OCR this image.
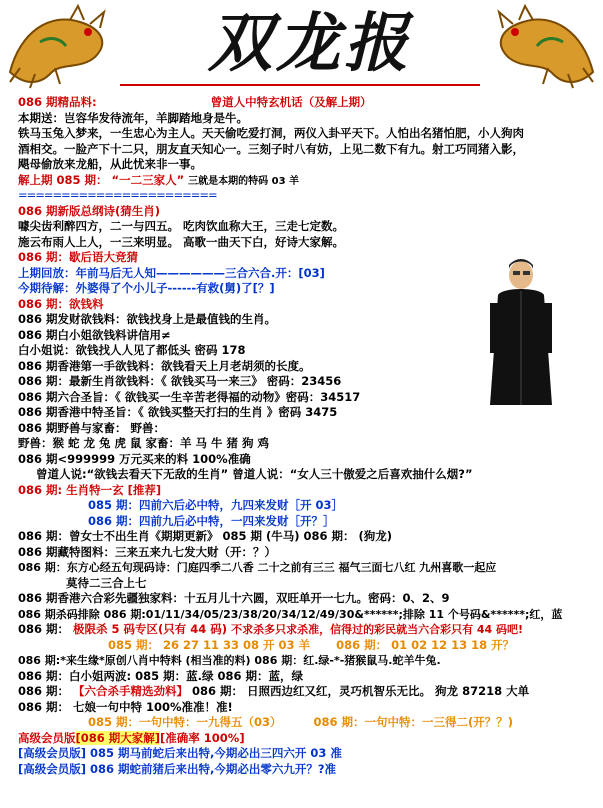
双龙报
086 期精品料:	曾道人中特玄机话（及解上期）
本期送：岂容华发待流年，羊脚踏地身是牛。
铁马玉兔入梦来，一生忠心为主人。天天偷吃爱打洞，两仪入卦平天下。人怕出名猪怕肥，小人狗肉
酒相交。一脸产下十二只，朋友直天知心一。三刻子时八有妨，上见二数下有九。射工巧同猪入影，
飓母偷放来龙船，从此忧来非一事。
解上期 085 期： “一二三家人” 三就是本期的特码 03 羊
=======================
086 期新版总纲诗(猜生肖)
噱尖齿利醉四方，二一与四五。 吃肉饮血称大王，三走七定数。
施云布雨人上人，一三来明显。 高歌一曲天下白，好诗大家解。
086 期：歇后语大竞猜
上期回放：年前马后无人知——————三合六合.开：[03]
今期待解：外婆得了个小儿子------有救(舅)了[？]
086 期：欲钱料
086 期发财欲钱料：欲钱找身上是最值钱的生肖。
086 期白小姐欲钱料讲信用≠
白小姐说：欲钱找人人见了都低头 密码 178
086 期香港第一手欲钱料：欲钱看天上月老胡须的长度。
086 期：最新生肖欲钱料：《 欲钱买马一来三》 密码：23456
086 期六合圣旨：《 欲钱买一生辛苦老得福的动物》密码：34517
086 期香港中特圣旨：《 欲钱买整天打扫的生肖 》密码 3475
086 期野兽与家畜： 野兽：
野兽：猴 蛇 龙 兔 虎 鼠 家畜：羊 马 牛 猪 狗 鸡
086 期<999999 万元买来的料 100%准确
曾道人说:“欲钱去看天下无敌的生肖” 曾道人说：“女人三十傲爱之后喜欢抽什么烟?”
086 期: 生肖特一玄 [推荐]
085 期：四前六后必中特，九四来发财［开 03］
086 期：四前九后必中特，一四来发财［开？］
086 期：曾女士不出生肖《期期更新》 085 期 (牛马) 086 期： (狗龙)
086 期藏特图料：三来五来九七发大财（开：？）
086 期：东方心经五句现码诗：门庭四季二八香 二十之前有三三 福气三面七八红 九州喜歌一起应
莫待二三合上七
086 期香港六合彩先疆独家料：十五月儿十六圆，双旺单开一七九。密码：0、2、9
086 期杀码排除 086 期:01/11/34/05/23/38/20/34/12/49/30&******;排除 11 个号码&******;红，蓝
086 期： 极限杀 5 码专区(只有 44 码) 不求杀多只求杀准，信得过的彩民就当六合彩只有 44 码吧!
085 期： 26 27 11 33 08 开 03 羊 086 期： 01 02 12 13 18 开？
086 期:*来生缘*原创八肖中特料 (相当准的料) 086 期：红.绿-*-猪猴鼠马.蛇羊牛兔.
086 期：白小姐两波: 085 期：蓝.绿 086 期：蓝，绿
086 期： 【六合杀手精选劲料】 086 期： 日照西边红又红，灵巧机智乐无比。 狗龙 87218 大单
086 期： 七娘一句中特 100%准准！准!
085 期：一句中特：一九得五（03）	086 期：一句中特：一三得二(开？？)
高级会员版[086 期大家解][准确率 100%]
[高级会员版] 085 期马前蛇后来出特,今期必出三四六开 03 准
[高级会员版] 086 期蛇前猪后来出特,今期必出零六九开？?准
